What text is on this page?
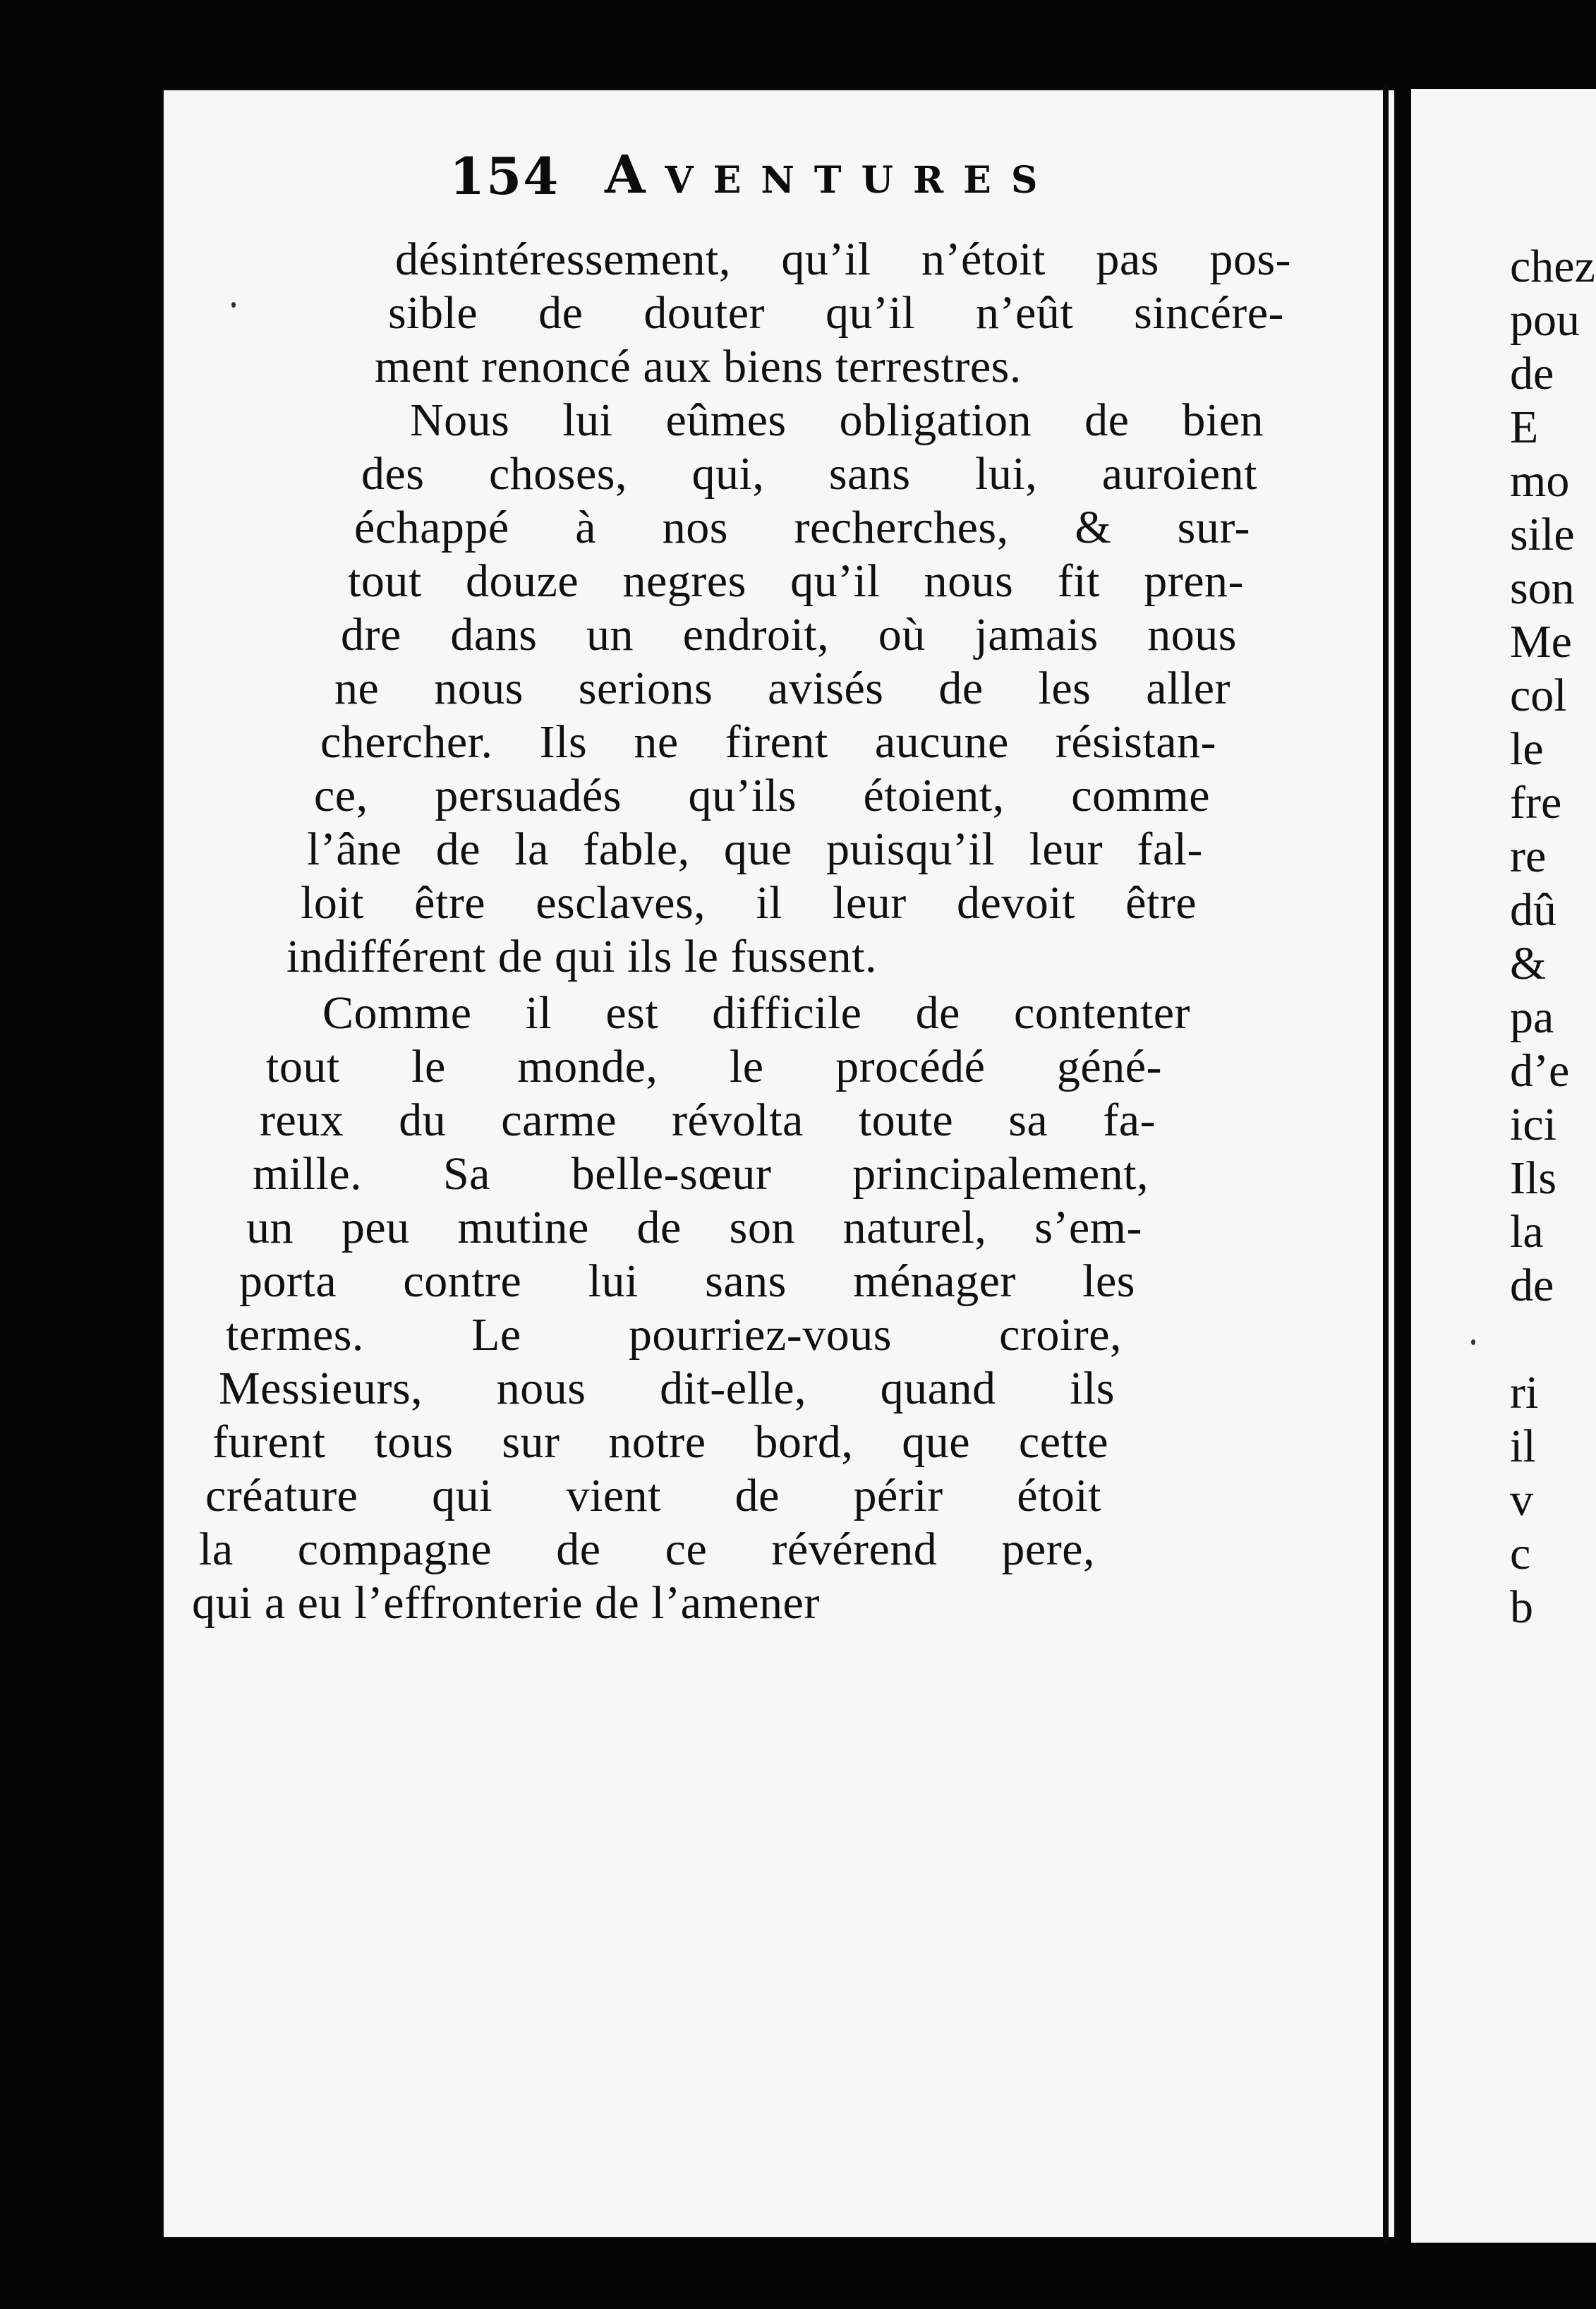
154 Aventures
désintéressement, qu’il n’étoit pas pos-
sible de douter qu’il n’eût sincére-
ment renoncé aux biens terrestres.
Nous lui eûmes obligation de bien
des choses, qui, sans lui, auroient
échappé à nos recherches, & sur-
tout douze negres qu’il nous fit pren-
dre dans un endroit, où jamais nous
ne nous serions avisés de les aller
chercher. Ils ne firent aucune résistan-
ce, persuadés qu’ils étoient, comme
l’âne de la fable, que puisqu’il leur fal-
loit être esclaves, il leur devoit être
indifférent de qui ils le fussent.
Comme il est difficile de contenter
tout le monde, le procédé géné-
reux du carme révolta toute sa fa-
mille. Sa belle-sœur principalement,
un peu mutine de son naturel, s’em-
porta contre lui sans ménager les
termes. Le pourriez-vous croire,
Messieurs, nous dit-elle, quand ils
furent tous sur notre bord, que cette
créature qui vient de périr étoit
la compagne de ce révérend pere,
qui a eu l’effronterie de l’amener
chez
pou
de
E
mo
sile
son
Me
col
le
fre
re
dû
&
pa
d’e
ici
Ils
la
de
ri
il
v
c
b
